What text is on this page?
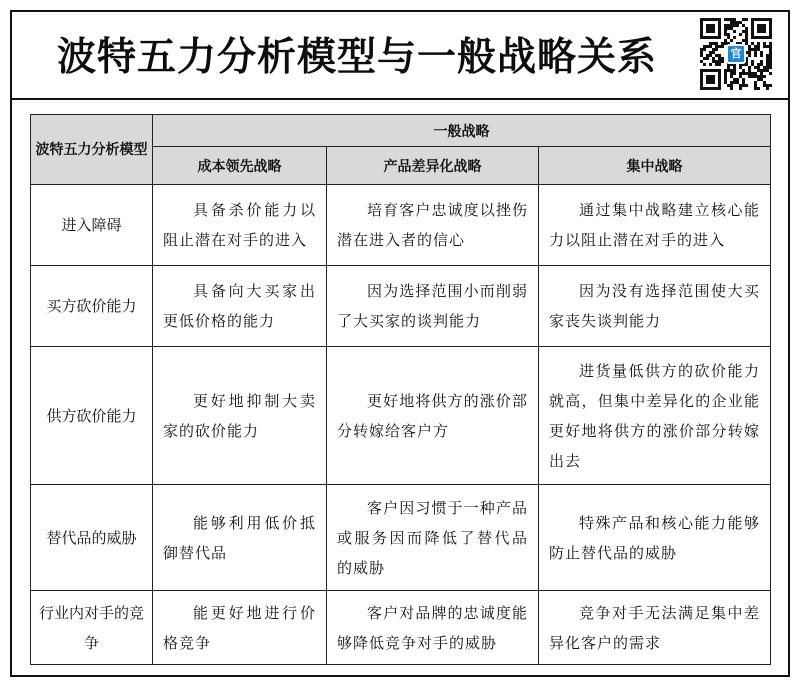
波特五力分析模型与一般战略关系	官
波特五力分析模型	一般战略		
	成本领先战略	产品差异化战略	集中战略
进入障碍	具备杀价能力以阻止潜在对手的进入	培育客户忠诚度以挫伤潜在进入者的信心	通过集中战略建立核心能力以阻止潜在对手的进入
买方砍价能力	具备向大买家出更低价格的能力	因为选择范围小而削弱了大买家的谈判能力	因为没有选择范围使大买家丧失谈判能力
供方砍价能力	更好地抑制大卖家的砍价能力	更好地将供方的涨价部分转嫁给客户方	进货量低供方的砍价能力就高，但集中差异化的企业能更好地将供方的涨价部分转嫁出去
替代品的威胁	能够利用低价抵御替代品	客户因习惯于一种产品或服务因而降低了替代品的威胁	特殊产品和核心能力能够防止替代品的威胁
行业内对手的竞争	能更好地进行价格竞争	客户对品牌的忠诚度能够降低竞争对手的威胁	竞争对手无法满足集中差异化客户的需求
